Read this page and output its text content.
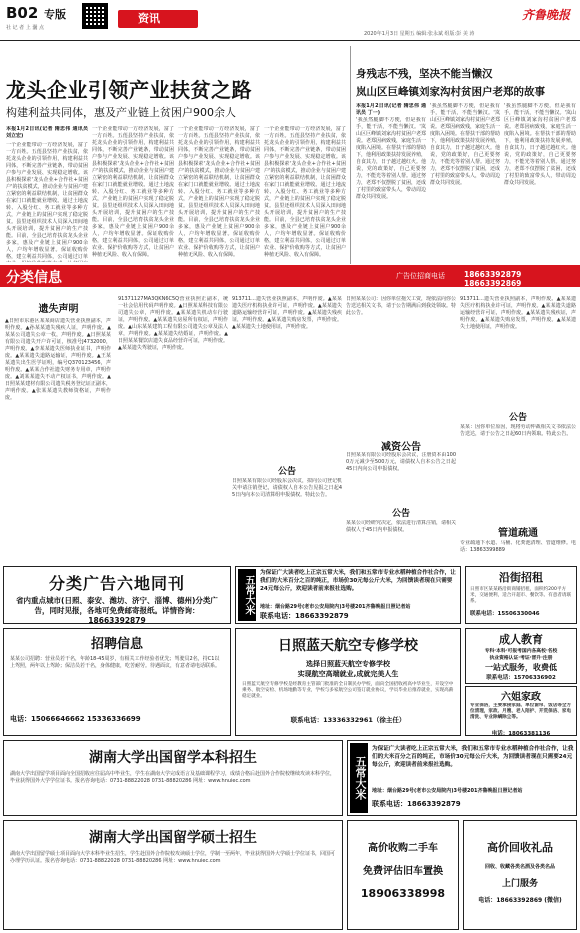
B02 专版
社 记 者 上 囊 点
资讯	齐鲁晚报
2020年1月3日 星期五 编辑:张永斌 组版:彭 美 涛
龙头企业引领产业扶贫之路
构建利益共同体，惠及产业链上贫困户900余人
本报1月2日讯(记者 隋忠伟 通讯员 刘立宏)
一个企业能带动一方经济发展，富了一方百姓。五莲县坚持产业扶贫，依托龙头企业的引领作用，构建利益共同体，不断完善产业链条，带动贫困户参与产业发展、实现稳定增收。该县积极探索'龙头企业+合作社+贫困户'的扶贫模式，推动企业与贫困户建立紧密的利益联结机制，让贫困群众在家门口就能就业增收。通过土地流转、入股分红、务工就业等多种方式，产业链上的贫困户实现了稳定脱贫。县里还组织技术人员深入田间地头开展培训，提升贫困户的生产技能。目前，全县已培育扶贫龙头企业多家，惠及产业链上贫困户900余人，户均年增收显著。保证收购价格，建立利益共同体，公司通过订单
一个企业能带动一方经济发展，富了一方百姓。五莲县坚持产业扶贫，依托龙头企业的引领作用，构建利益共同体，不断完善产业链条，带动贫困户参与产业发展、实现稳定增收。该县积极探索'龙头企业+合作社+贫困户'的扶贫模式，推动企业与贫困户建立紧密的利益联结机制，让贫困群众在家门口就能就业增收。通过土地流转、入股分红、务工就业等多种方式，产业链上的贫困户实现了稳定脱贫。县里还组织技术人员深入田间地头开展培训，提升贫困户的生产技能。目前，全县已培育扶贫龙头企业多家，惠及产业链上贫困户900余人，户均年增收显著。保证收购价格，建立利益共同体，公司通过订单农业、保护价收购等方式，让贫困户种植无风险、收入有保障。
一个企业能带动一方经济发展，富了一方百姓。五莲县坚持产业扶贫，依托龙头企业的引领作用，构建利益共同体，不断完善产业链条，带动贫困户参与产业发展、实现稳定增收。该县积极探索'龙头企业+合作社+贫困户'的扶贫模式，推动企业与贫困户建立紧密的利益联结机制，让贫困群众在家门口就能就业增收。通过土地流转、入股分红、务工就业等多种方式，产业链上的贫困户实现了稳定脱贫。县里还组织技术人员深入田间地头开展培训，提升贫困户的生产技能。目前，全县已培育扶贫龙头企业多家，惠及产业链上贫困户900余人，户均年增收显著。保证收购价格，建立利益共同体，公司通过订单农业、保护价收购等方式，让贫困户种植无风险、收入有保障。
一个企业能带动一方经济发展，富了一方百姓。五莲县坚持产业扶贫，依托龙头企业的引领作用，构建利益共同体，不断完善产业链条，带动贫困户参与产业发展、实现稳定增收。该县积极探索'龙头企业+合作社+贫困户'的扶贫模式，推动企业与贫困户建立紧密的利益联结机制，让贫困群众在家门口就能就业增收。通过土地流转、入股分红、务工就业等多种方式，产业链上的贫困户实现了稳定脱贫。县里还组织技术人员深入田间地头开展培训，提升贫困户的生产技能。目前，全县已培育扶贫龙头企业多家，惠及产业链上贫困户900余人，户均年增收显著。保证收购价格，建立利益共同体，公司通过订单农业、保护价收购等方式，让贫困户种植无风险、收入有保障。
身残志不残，坚决不能当懒汉
岚山区巨峰镇刘家沟村贫困户老郑的故事
本报1月2日讯(记者 隋忠伟 通讯员 丁一)
'我虽然腿脚不方便，但是我有手，能干活，不能当懒汉。'岚山区巨峰镇刘家沟村贫困户老郑说。老郑因病致残，家庭生活一度陷入困境。在帮扶干部的帮助下，他利用政策扶持发展养殖，自食其力，日子越过越红火。他说，党的政策好，自己更要努力，不能光等着别人帮。通过努力，老郑不仅摆脱了贫困，还成了村里的致富带头人，带动周边群众共同发展。
'我虽然腿脚不方便，但是我有手，能干活，不能当懒汉。'岚山区巨峰镇刘家沟村贫困户老郑说。老郑因病致残，家庭生活一度陷入困境。在帮扶干部的帮助下，他利用政策扶持发展养殖，自食其力，日子越过越红火。他说，党的政策好，自己更要努力，不能光等着别人帮。通过努力，老郑不仅摆脱了贫困，还成了村里的致富带头人，带动周边群众共同发展。
'我虽然腿脚不方便，但是我有手，能干活，不能当懒汉。'岚山区巨峰镇刘家沟村贫困户老郑说。老郑因病致残，家庭生活一度陷入困境。在帮扶干部的帮助下，他利用政策扶持发展养殖，自食其力，日子越过越红火。他说，党的政策好，自己更要努力，不能光等着别人帮。通过努力，老郑不仅摆脱了贫困，还成了村里的致富带头人，带动周边群众共同发展。
分类信息	广告位招商电话	18663392879 18663392869
遗失声明
▲日照市东港区某某商店遗失营业执照副本，声明作废。▲孙某某遗失残疾人证，声明作废。▲某某公司遗失公章一枚，声明作废。▲日照某某有限公司遗失开户许可证，核准号J4732000，声明作废。▲李某某遗失医师执业证书，声明作废。▲某某遗失道路运输证，声明作废。▲王某某遗失出生医学证明，编号Q370123456，声明作废。▲某某合作社遗失财务专用章，声明作废。▲刘某某遗失不动产权证书，声明作废。▲日照某某建材有限公司遗失税务登记证正副本，声明作废。▲张某某遗失教师资格证，声明作废。
91371127MA3QKN6C5Q营业执照正副本，统一社会信用代码声明作废。▲日照某某科技有限公司遗失公章，声明作废。▲某某遗失机动车行驶证，声明作废。▲某某遗失房屋所有权证，声明作废。▲山东某某建筑工程有限公司遗失公章及法人章，声明作废。▲某某遗失结婚证，声明作废。▲日照某某餐饮店遗失食品经营许可证，声明作废。▲某某遗失驾驶证，声明作废。
913711...遗失营业执照副本，声明作废。▲某某遗失医疗机构执业许可证，声明作废。▲某某遗失道路运输经营许可证，声明作废。▲某某遗失残疾证，声明作废。▲某某遗失购房发票，声明作废。▲某某遗失土地使用证，声明作废。
公告
日照某某有限公司经股东会决议，拟向公司登记机关申请注销登记，请债权人自本公告见报之日起45日内向本公司清算组申报债权。特此公告。
日照某某公司：因你单位拖欠工资，现依法向你公告送达相关文书，请于公告期满后到我处领取。特此公告。
减资公告
日照某某有限公司经股东会决议，注册资本由1000万元减少至500万元，请债权人自本公告之日起45日内向公司申报债权。
公告
某某公司经研究决定，依法进行清算注销，请相关债权人于45日内申报债权。
913711...遗失营业执照副本，声明作废。▲某某遗失医疗机构执业许可证，声明作废。▲某某遗失道路运输经营许可证，声明作废。▲某某遗失残疾证，声明作废。▲某某遗失购房发票，声明作废。▲某某遗失土地使用证，声明作废。
公告
某某：因你单位原因，现将劳动仲裁相关文书依法公告送达，请于公告之日起60日内领取。特此公告。
管道疏通
专业疏通下水道、马桶、化粪池清理、管道维修。电话：13863399889
分类广告六地同刊
省内重点城市(日照、泰安、潍坊、济宁、淄博、德州)分类广告，同时见报，各地可免费邮寄报纸。详情咨询：18663392879
五常大米
为保证广大读者吃上正宗五常大米，我们和五常市专业水稻种植合作社合作，让我们的大米百分之百的纯正，市场价30元每公斤大米，为回馈读者现在只需要24元每公斤，欢迎读者前来报社选购。
地址：烟台路29号(老市公安局院内)3号楼201齐鲁晚报日照记者站
联系电话：18663392879
沿街招租
日照市区某某路沿街商铺招租，面积约200平方米，交通便利，适合开超市、餐饮等。有意者请联系。
联系电话：15506330046
招聘信息
某某公司招聘：营业员若干名，年龄18-45周岁，有相关工作经验者优先；驾驶员2名，持C1以上驾照，两年以上驾龄；保洁员若干名，身体健康，吃苦耐劳。待遇面议，有意者请电话联系。
电话：15066646662 15336336699
日照蓝天航空专修学校
选择日照蓝天航空专修学校
实现航空高端就业,成就完美人生
日照蓝天航空专修学校是经教育主管部门批准的全日制民办学校，面向全国招收初高中毕业生，开设空中乘务、航空安检、机场地勤等专业，学校与多家航空公司签订就业协议，学员毕业后推荐就业，实现高薪稳定就业。
联系电话：13336332961（徐主任）
成人教育
专科·本科·可报考国内各高校·名校
执业资格认证·考证·晋升·注册
一站式服务，收费低
联系电话：15706336902
六姐家政
专业保洁，主要承接家庭、单位窗帘、饭店等全方位清理，家政、月嫂、老人陪护、开荒保洁、家电清洗、专业除螨除尘等。
电话：18063381136
湖南大学出国留学本科招生
湖南大学出国留学项目面向全国招收应往届高中毕业生，学生在湖南大学完成语言及基础课程学习，成绩合格后赴国外合作院校继续攻读本科学位，毕业获得国外大学学位证书。报名咨询电话：0731-88822028 0731-88820286 网址：www.hnuiec.com
湖南大学出国留学硕士招生
湖南大学出国留学硕士项目面向大学本科毕业生招生，学生赴国外合作院校攻读硕士学位，学制一至两年，毕业获得国外大学硕士学位证书，回国可办理学历认证。报名咨询电话：0731-88822028 0731-88820286 网址：www.hnuiec.com
五常大米
为保证广大读者吃上正宗五常大米，我们和五常市专业水稻种植合作社合作，让我们的大米百分之百的纯正，市场价30元每公斤大米，为回馈读者现在只需要24元每公斤，欢迎读者前来报社选购。
地址：烟台路29号(老市公安局院内)3号楼201齐鲁晚报日照记者站
联系电话：18663392879
高价收购二手车
免费评估旧车置换
18906338998
高价回收礼品
回收、收藏各类名酒及各类名品
上门服务
电话：18663392869 (微信)
